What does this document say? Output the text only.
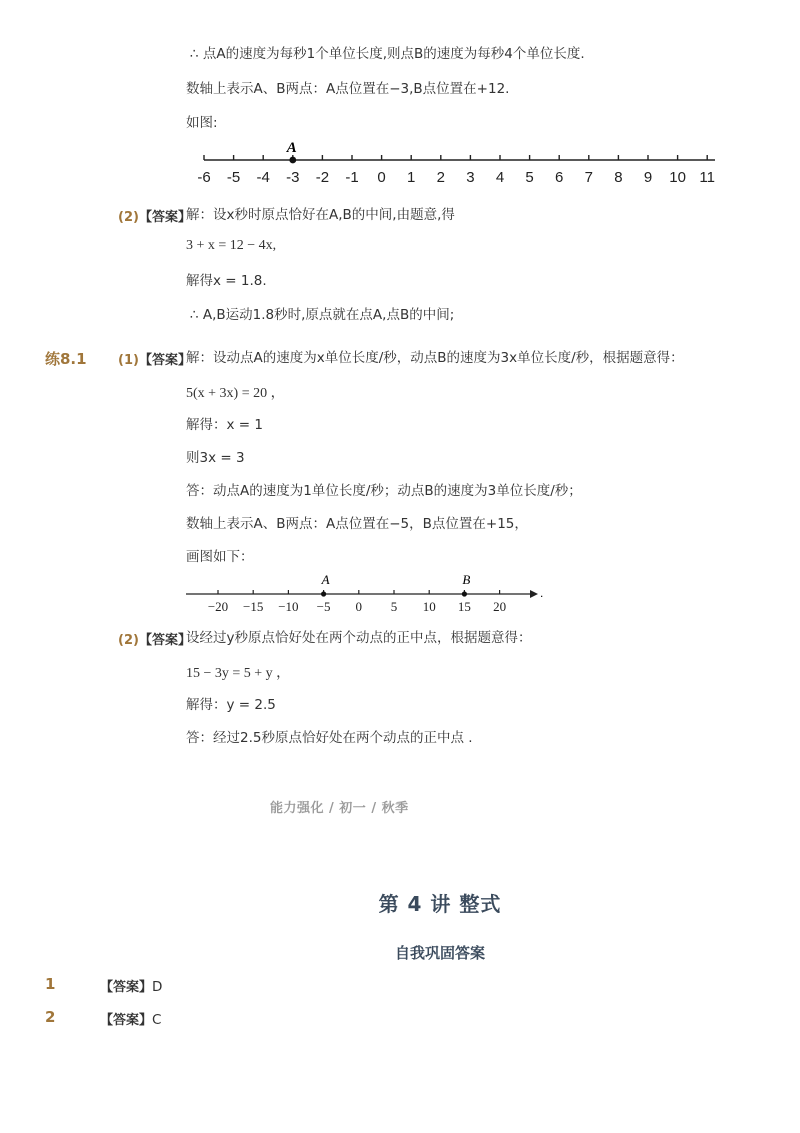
∴ 点A的速度为每秒1个单位长度,则点B的速度为每秒4个单位长度.
数轴上表示A、B两点：A点位置在−3,B点位置在+12.
如图:
-6 -5 -4 -3 -2 -1 0 1 2 3 4 5 6 7 8 9 10 11
A
(2)【答案】
解：设x秒时原点恰好在A,B的中间,由题意,得
3 + x = 12 − 4x,
解得x = 1.8.
∴ A,B运动1.8秒时,原点就在点A,点B的中间;
练8.1 (1)【答案】
解：设动点A的速度为x单位长度/秒，动点B的速度为3x单位长度/秒，根据题意得：
5(x + 3x) = 20 ，
解得：x = 1
则3x = 3
答：动点A的速度为1单位长度/秒；动点B的速度为3单位长度/秒；
数轴上表示A、B两点：A点位置在−5，B点位置在+15，
画图如下：
−20 −15 −10 −5 0 5 10 15 20
A	B
.
(2)【答案】
设经过y秒原点恰好处在两个动点的正中点，根据题意得：
15 − 3y = 5 + y ，
解得：y = 2.5
答：经过2.5秒原点恰好处在两个动点的正中点 .
能力强化 / 初一 / 秋季
第 4 讲 整式
自我巩固答案
1	【答案】D
2	【答案】C
